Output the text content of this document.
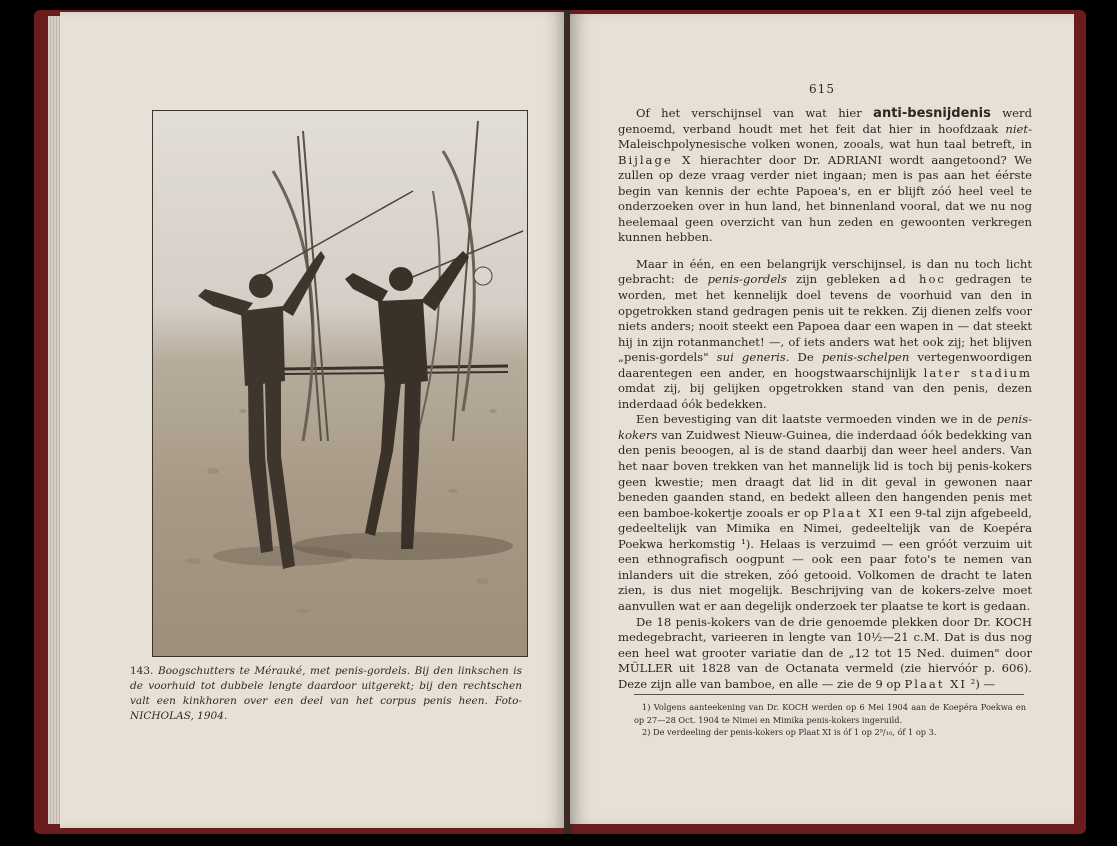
143. Boogschutters te Mérauké, met penis-gordels. Bij den linkschen is de voorhuid tot dubbele lengte daardoor uitgerekt; bij den rechtschen valt een kinkhoren over een deel van het corpus penis heen. Foto-NICHOLAS, 1904.
615

Of het verschijnsel van wat hier anti-besnijdenis werd genoemd, verband houdt met het feit dat hier in hoofdzaak niet-Maleischpolynesische volken wonen, zooals, wat hun taal betreft, in Bijlage X hierachter door Dr. ADRIANI wordt aangetoond? We zullen op deze vraag verder niet ingaan; men is pas aan het éérste begin van kennis der echte Papoea's, en er blijft zóó heel veel te onderzoeken over in hun land, het binnenland vooral, dat we nu nog heelemaal geen overzicht van hun zeden en gewoonten verkregen kunnen hebben.

Maar in één, en een belangrijk verschijnsel, is dan nu toch licht gebracht: de penis-gordels zijn gebleken ad hoc gedragen te worden, met het kennelijk doel tevens de voorhuid van den in opgetrokken stand gedragen penis uit te rekken. Zij dienen zelfs voor niets anders; nooit steekt een Papoea daar een wapen in — dat steekt hij in zijn rotanmanchet! —, of iets anders wat het ook zij; het blijven „penis-gordels" sui generis. De penis-schelpen vertegenwoordigen daarentegen een ander, en hoogstwaarschijnlijk later stadium omdat zij, bij gelijken opgetrokken stand van den penis, dezen inderdaad óók bedekken.

Een bevestiging van dit laatste vermoeden vinden we in de penis-kokers van Zuidwest Nieuw-Guinea, die inderdaad óók bedekking van den penis beoogen, al is de stand daarbij dan weer heel anders. Van het naar boven trekken van het mannelijk lid is toch bij penis-kokers geen kwestie; men draagt dat lid in dit geval in gewonen naar beneden gaanden stand, en bedekt alleen den hangenden penis met een bamboe-kokertje zooals er op Plaat XI een 9-tal zijn afgebeeld, gedeeltelijk van Mimika en Nimei, gedeeltelijk van de Koepéra Poekwa herkomstig ¹). Helaas is verzuimd — een gróót verzuim uit een ethnografisch oogpunt — ook een paar foto's te nemen van inlanders uit die streken, zóó getooid. Volkomen de dracht te laten zien, is dus niet mogelijk. Beschrijving van de kokers-zelve moet aanvullen wat er aan degelijk onderzoek ter plaatse te kort is gedaan.

De 18 penis-kokers van de drie genoemde plekken door Dr. KOCH medegebracht, varieeren in lengte van 10½—21 c.M. Dat is dus nog een heel wat grooter variatie dan de „12 tot 15 Ned. duimen" door MÜLLER uit 1828 van de Octanata vermeld (zie hiervóór p. 606). Deze zijn alle van bamboe, en alle — zie de 9 op Plaat XI ²) —

1) Volgens aanteekening van Dr. KOCH werden op 6 Mei 1904 aan de Koepéra Poekwa en op 27—28 Oct. 1904 te Nimei en Mimika penis-kokers ingeruild.
2) De verdeeling der penis-kokers op Plaat XI is óf 1 op 2⁹/₁₀, óf 1 op 3.
